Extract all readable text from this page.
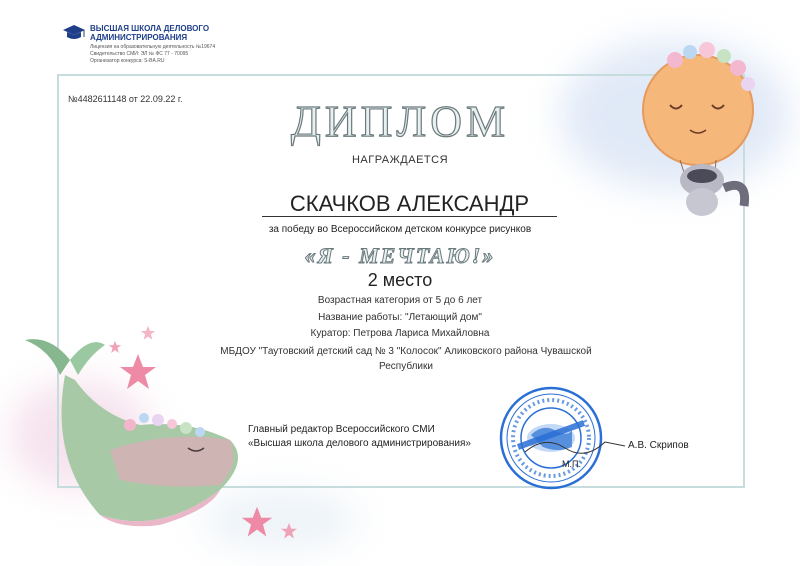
ВЫСШАЯ ШКОЛА ДЕЛОВОГО АДМИНИСТРИРОВАНИЯ
Лицензия на образовательную деятельность №19674
Свидетельство СМИ: ЭЛ № ФС 77 - 70095
Организатор конкурса: S-BA.RU
№4482611148 от 22.09.22 г.	ДИПЛОМ
НАГРАЖДАЕТСЯ
СКАЧКОВ АЛЕКСАНДР
за победу во Всероссийском детском конкурсе рисунков
«Я - МЕЧТАЮ!»
2 место
Возрастная категория от 5 до 6 лет
Название работы: "Летающий дом"
Куратор: Петрова Лариса Михайловна
МБДОУ "Таутовский детский сад № 3 "Колосок" Аликовского района Чувашской Республики
Главный редактор Всероссийского СМИ
«Высшая школа делового администрирования»	А.В. Скрипов
М.П.
